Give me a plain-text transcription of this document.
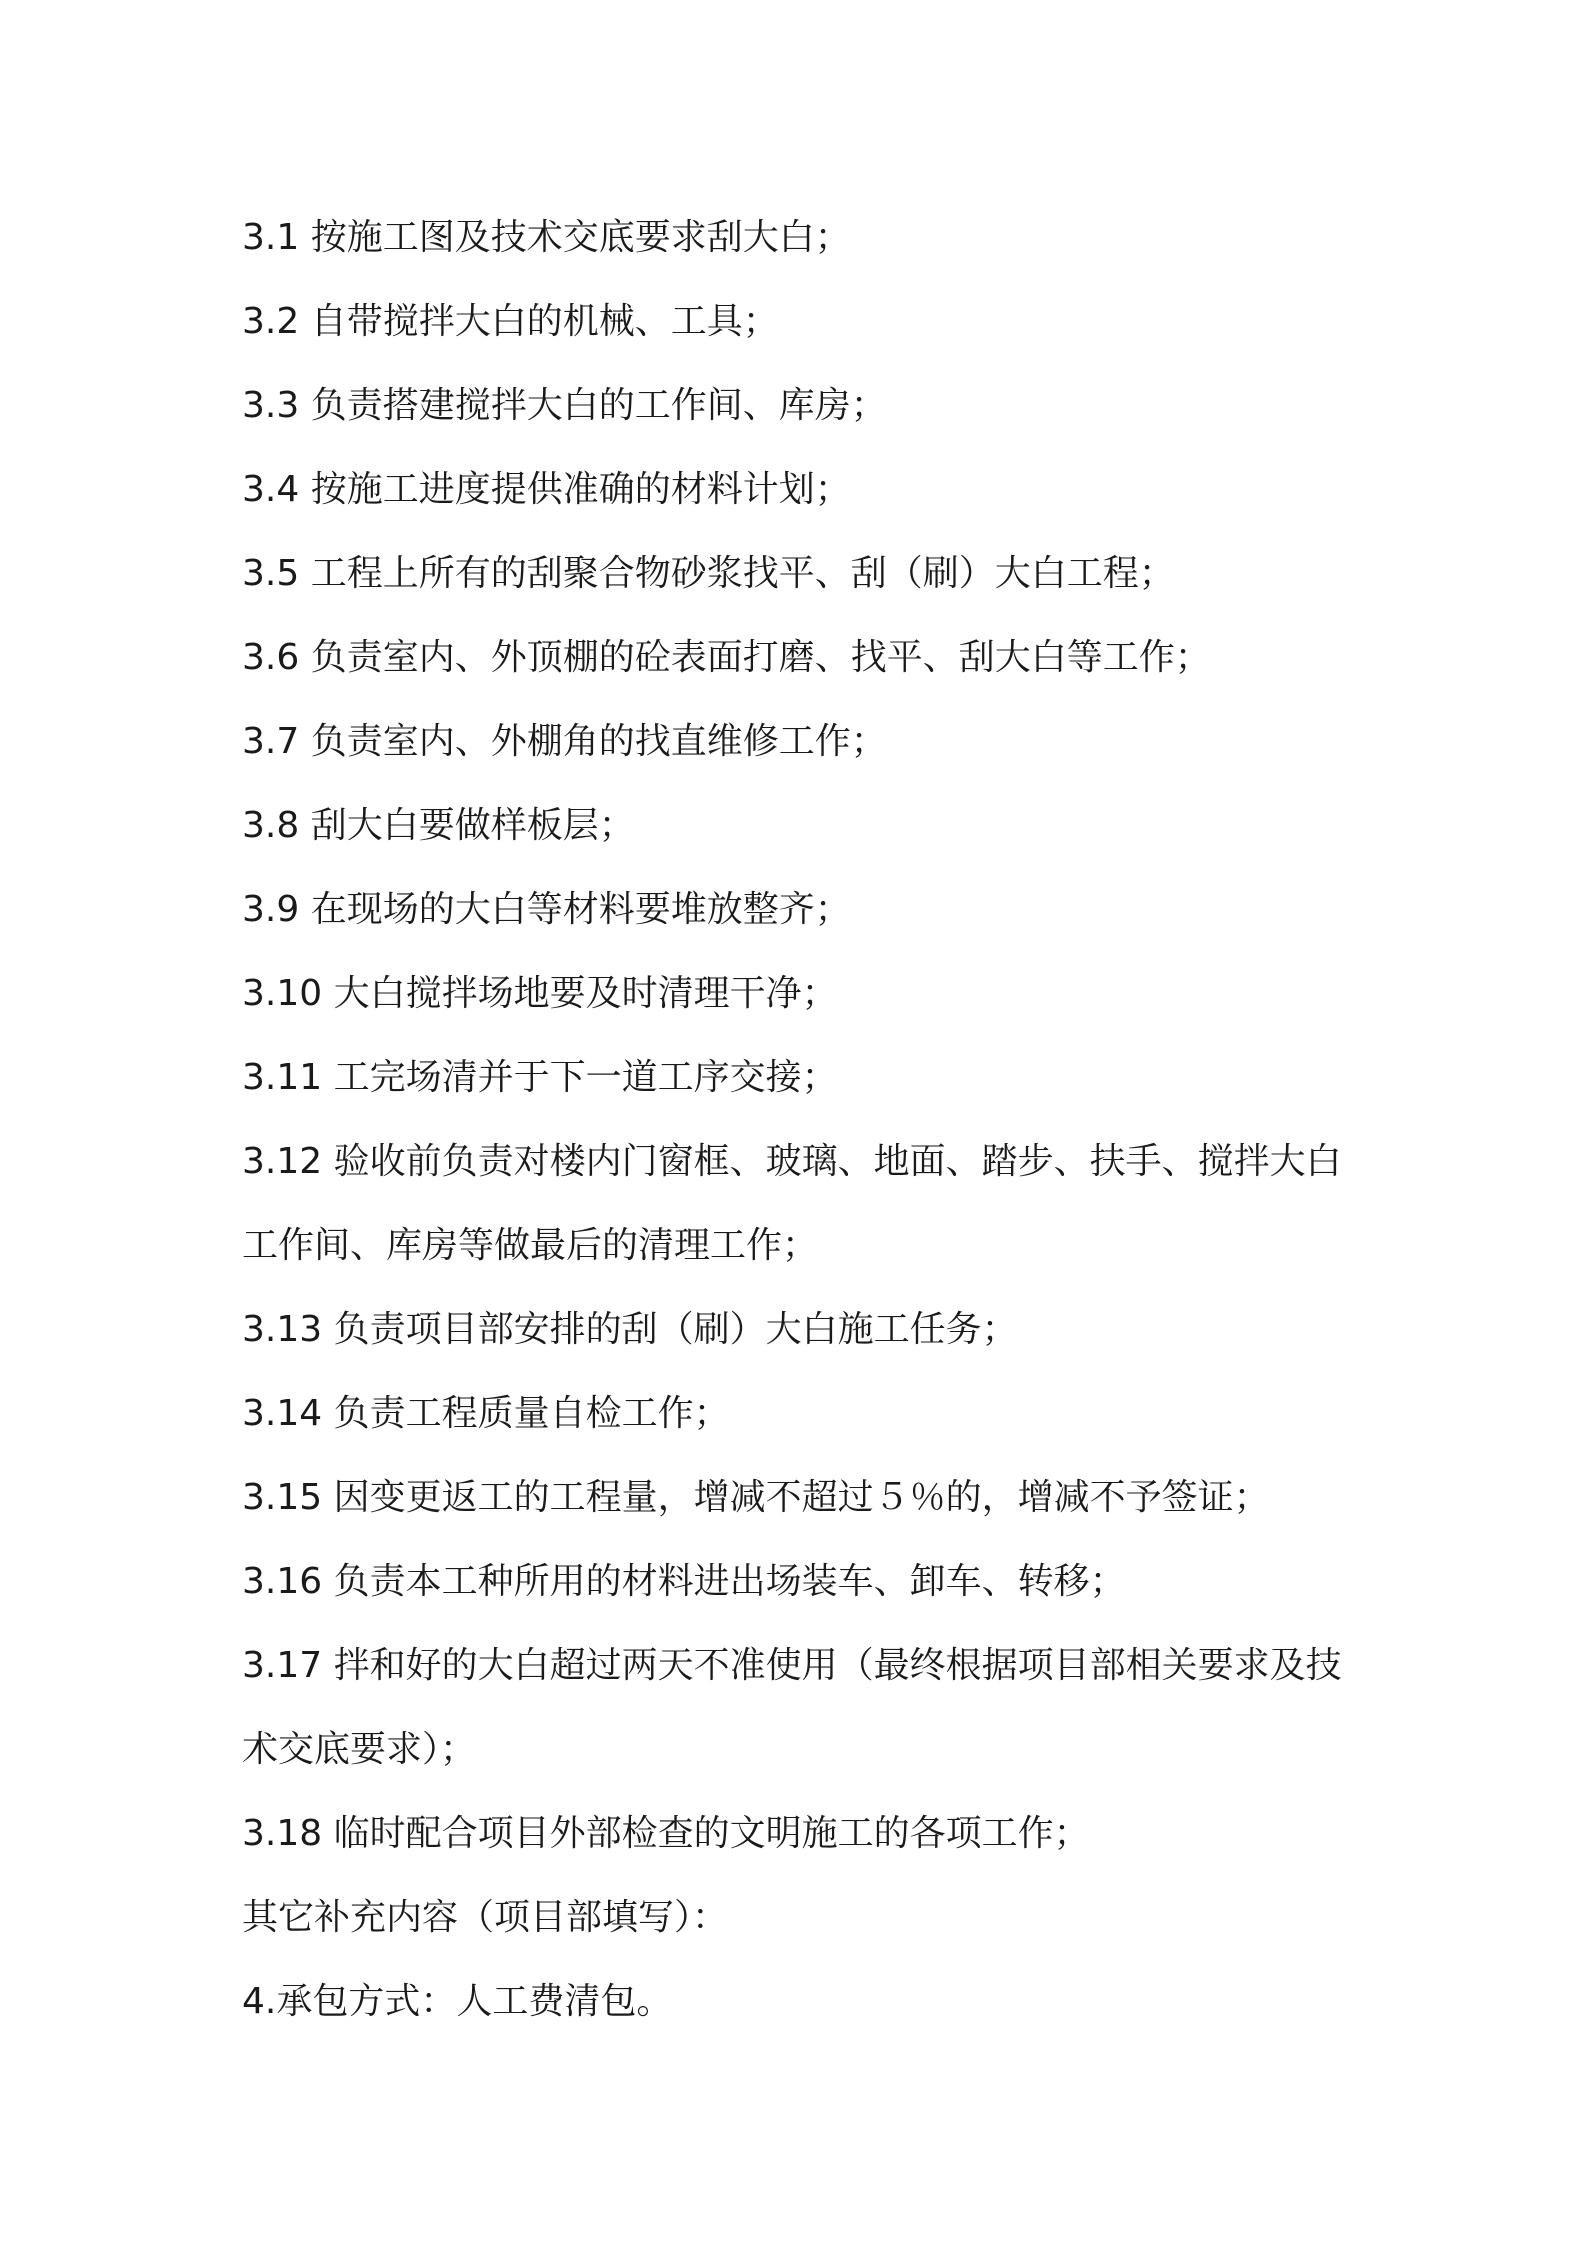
3.1 按施工图及技术交底要求刮大白；

3.2 自带搅拌大白的机械、工具；

3.3 负责搭建搅拌大白的工作间、库房；

3.4 按施工进度提供准确的材料计划；

3.5 工程上所有的刮聚合物砂浆找平、刮（刷）大白工程；

3.6 负责室内、外顶棚的砼表面打磨、找平、刮大白等工作；

3.7 负责室内、外棚角的找直维修工作；

3.8 刮大白要做样板层；

3.9 在现场的大白等材料要堆放整齐；

3.10 大白搅拌场地要及时清理干净；

3.11 工完场清并于下一道工序交接；

3.12 验收前负责对楼内门窗框、玻璃、地面、踏步、扶手、搅拌大白工作间、库房等做最后的清理工作；

3.13 负责项目部安排的刮（刷）大白施工任务；

3.14 负责工程质量自检工作；

3.15 因变更返工的工程量，增减不超过５％的，增减不予签证；

3.16 负责本工种所用的材料进出场装车、卸车、转移；

3.17 拌和好的大白超过两天不准使用（最终根据项目部相关要求及技术交底要求）；

3.18 临时配合项目外部检查的文明施工的各项工作；

其它补充内容（项目部填写）：

4.承包方式：人工费清包。
